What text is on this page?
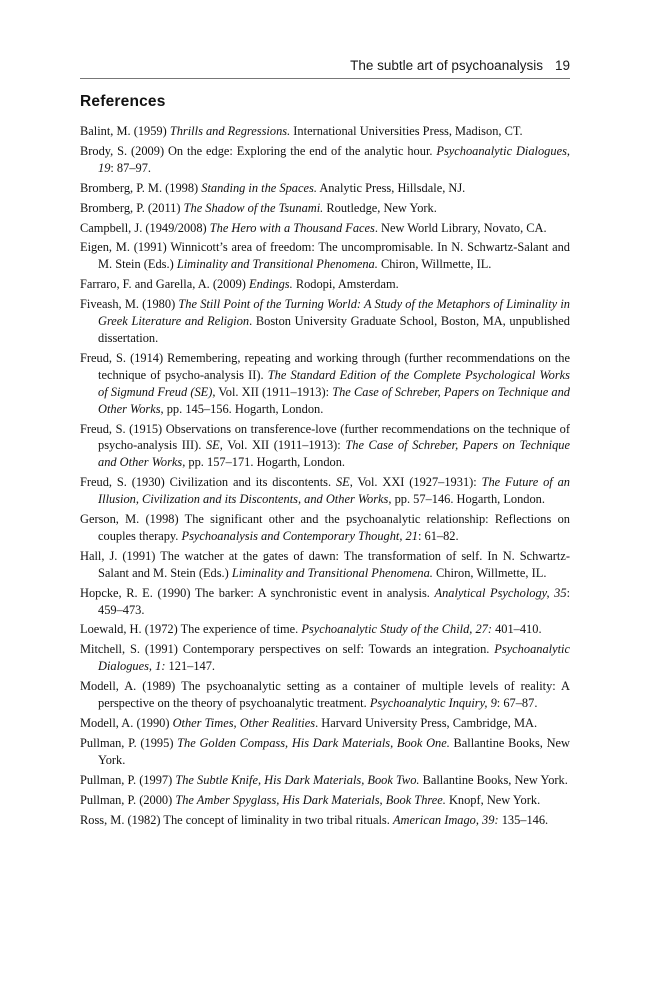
The subtle art of psychoanalysis 19
References
Balint, M. (1959) Thrills and Regressions. International Universities Press, Madison, CT.
Brody, S. (2009) On the edge: Exploring the end of the analytic hour. Psychoanalytic Dialogues, 19: 87–97.
Bromberg, P. M. (1998) Standing in the Spaces. Analytic Press, Hillsdale, NJ.
Bromberg, P. (2011) The Shadow of the Tsunami. Routledge, New York.
Campbell, J. (1949/2008) The Hero with a Thousand Faces. New World Library, Novato, CA.
Eigen, M. (1991) Winnicott’s area of freedom: The uncompromisable. In N. Schwartz-Salant and M. Stein (Eds.) Liminality and Transitional Phenomena. Chiron, Willmette, IL.
Farraro, F. and Garella, A. (2009) Endings. Rodopi, Amsterdam.
Fiveash, M. (1980) The Still Point of the Turning World: A Study of the Metaphors of Liminality in Greek Literature and Religion. Boston University Graduate School, Boston, MA, unpublished dissertation.
Freud, S. (1914) Remembering, repeating and working through (further recommendations on the technique of psycho-analysis II). The Standard Edition of the Complete Psychological Works of Sigmund Freud (SE), Vol. XII (1911–1913): The Case of Schreber, Papers on Technique and Other Works, pp. 145–156. Hogarth, London.
Freud, S. (1915) Observations on transference-love (further recommendations on the technique of psycho-analysis III). SE, Vol. XII (1911–1913): The Case of Schreber, Papers on Technique and Other Works, pp. 157–171. Hogarth, London.
Freud, S. (1930) Civilization and its discontents. SE, Vol. XXI (1927–1931): The Future of an Illusion, Civilization and its Discontents, and Other Works, pp. 57–146. Hogarth, London.
Gerson, M. (1998) The significant other and the psychoanalytic relationship: Reflections on couples therapy. Psychoanalysis and Contemporary Thought, 21: 61–82.
Hall, J. (1991) The watcher at the gates of dawn: The transformation of self. In N. Schwartz-Salant and M. Stein (Eds.) Liminality and Transitional Phenomena. Chiron, Willmette, IL.
Hopcke, R. E. (1990) The barker: A synchronistic event in analysis. Analytical Psychology, 35: 459–473.
Loewald, H. (1972) The experience of time. Psychoanalytic Study of the Child, 27: 401–410.
Mitchell, S. (1991) Contemporary perspectives on self: Towards an integration. Psychoanalytic Dialogues, 1: 121–147.
Modell, A. (1989) The psychoanalytic setting as a container of multiple levels of reality: A perspective on the theory of psychoanalytic treatment. Psychoanalytic Inquiry, 9: 67–87.
Modell, A. (1990) Other Times, Other Realities. Harvard University Press, Cambridge, MA.
Pullman, P. (1995) The Golden Compass, His Dark Materials, Book One. Ballantine Books, New York.
Pullman, P. (1997) The Subtle Knife, His Dark Materials, Book Two. Ballantine Books, New York.
Pullman, P. (2000) The Amber Spyglass, His Dark Materials, Book Three. Knopf, New York.
Ross, M. (1982) The concept of liminality in two tribal rituals. American Imago, 39: 135–146.
